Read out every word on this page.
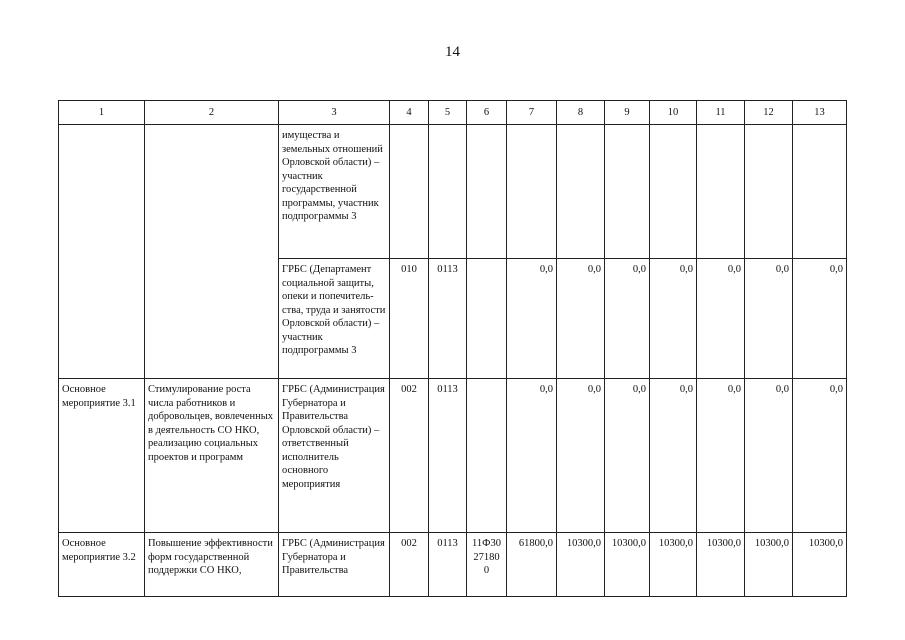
14
1	2	3	4	5	6	7	8	9	10	11	12	13
		имущества и земельных отношений Орловской области) – участник государственной программы, участник подпрограммы 3										
		ГРБС (Департамент социальной защиты, опеки и попечитель-ства, труда и занятости Орловской области) – участник подпрограммы 3	010	0113		0,0	0,0	0,0	0,0	0,0	0,0	0,0
Основное мероприятие 3.1	Стимулирование роста числа работников и добровольцев, вовлеченных в деятельность СО НКО, реализацию социальных проектов и программ	ГРБС (Администрация Губернатора и Правительства Орловской области) – ответственный исполнитель основного мероприятия	002	0113		0,0	0,0	0,0	0,0	0,0	0,0	0,0
Основное мероприятие 3.2	Повышение эффективности форм государственной поддержки СО НКО,	ГРБС (Администрация Губернатора и Правительства	002	0113	11Ф3027180 0	61800,0	10300,0	10300,0	10300,0	10300,0	10300,0	10300,0
